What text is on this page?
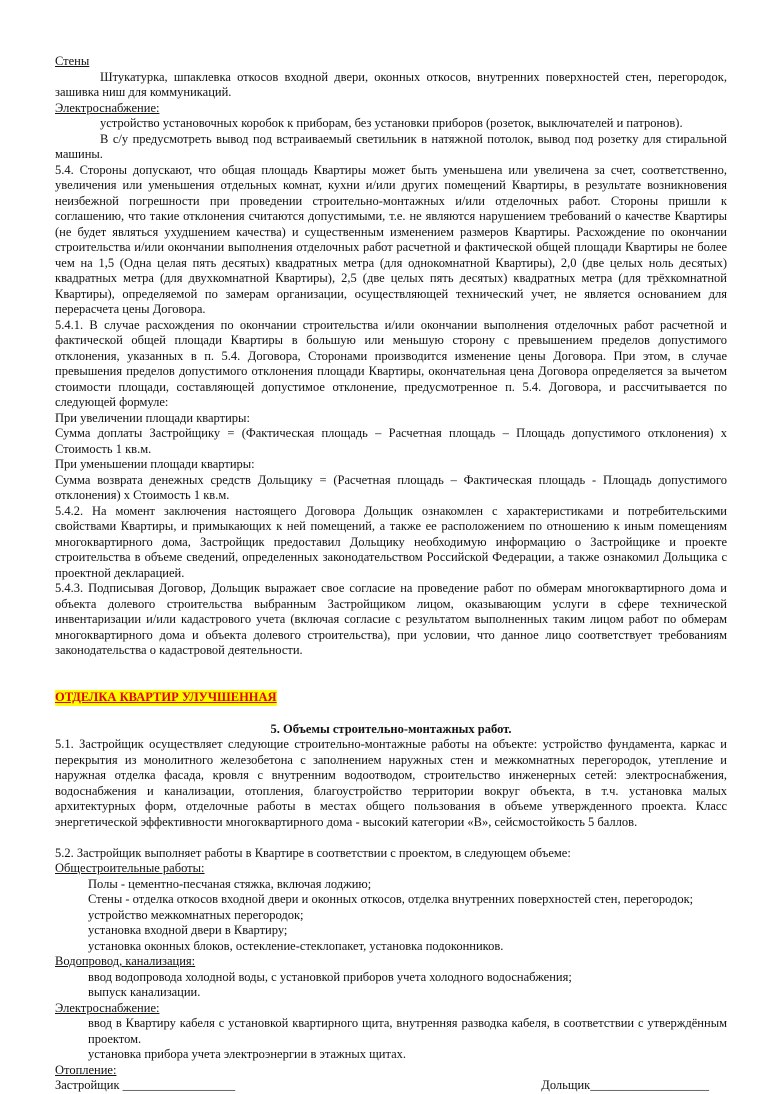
Стены

Штукатурка, шпаклевка откосов входной двери, оконных откосов, внутренних поверхностей стен, перегородок, зашивка ниш для коммуникаций.

Электроснабжение:

устройство установочных коробок к приборам, без установки приборов (розеток, выключателей и патронов).

В с/у предусмотреть вывод под встраиваемый светильник в натяжной потолок, вывод под розетку для стиральной машины.

5.4. Стороны допускают, что общая площадь Квартиры может быть уменьшена или увеличена за счет, соответственно, увеличения или уменьшения отдельных комнат, кухни и/или других помещений Квартиры, в результате возникновения неизбежной погрешности при проведении строительно-монтажных и/или отделочных работ. Стороны пришли к соглашению, что такие отклонения считаются допустимыми, т.е. не являются нарушением требований о качестве Квартиры (не будет являться ухудшением качества) и существенным изменением размеров Квартиры. Расхождение по окончании строительства и/или окончании выполнения отделочных работ расчетной и фактической общей площади Квартиры не более чем на 1,5 (Одна целая пять десятых) квадратных метра (для однокомнатной Квартиры), 2,0 (две целых ноль десятых) квадратных метра (для двухкомнатной Квартиры), 2,5 (две целых пять десятых) квадратных метра (для трёхкомнатной Квартиры), определяемой по замерам организации, осуществляющей технический учет, не является основанием для перерасчета цены Договора.

5.4.1. В случае расхождения по окончании строительства и/или окончании выполнения отделочных работ расчетной и фактической общей площади Квартиры в большую или меньшую сторону с превышением пределов допустимого отклонения, указанных в п. 5.4. Договора, Сторонами производится изменение цены Договора. При этом, в случае превышения пределов допустимого отклонения площади Квартиры, окончательная цена Договора определяется за вычетом стоимости площади, составляющей допустимое отклонение, предусмотренное п. 5.4. Договора, и рассчитывается по следующей формуле:

При увеличении площади квартиры:

Сумма доплаты Застройщику = (Фактическая площадь – Расчетная площадь – Площадь допустимого отклонения) х Стоимость 1 кв.м.

При уменьшении площади квартиры:

Сумма возврата денежных средств Дольщику = (Расчетная площадь – Фактическая площадь - Площадь допустимого отклонения) х Стоимость 1 кв.м.

5.4.2. На момент заключения настоящего Договора Дольщик ознакомлен с характеристиками и потребительскими свойствами Квартиры, и примыкающих к ней помещений, а также ее расположением по отношению к иным помещениям многоквартирного дома, Застройщик предоставил Дольщику необходимую информацию о Застройщике и проекте строительства в объеме сведений, определенных законодательством Российской Федерации, а также ознакомил Дольщика с проектной декларацией.

5.4.3. Подписывая Договор, Дольщик выражает свое согласие на проведение работ по обмерам многоквартирного дома и объекта долевого строительства выбранным Застройщиком лицом, оказывающим услуги в сфере технической инвентаризации и/или кадастрового учета (включая согласие с результатом выполненных таким лицом работ по обмерам многоквартирного дома и объекта долевого строительства), при условии, что данное лицо соответствует требованиям законодательства о кадастровой деятельности.

ОТДЕЛКА КВАРТИР УЛУЧШЕННАЯ

5. Объемы строительно-монтажных работ.

5.1. Застройщик осуществляет следующие строительно-монтажные работы на объекте: устройство фундамента, каркас и перекрытия из монолитного железобетона с заполнением наружных стен и межкомнатных перегородок, утепление и наружная отделка фасада, кровля с внутренним водоотводом, строительство инженерных сетей: электроснабжения, водоснабжения и канализации, отопления, благоустройство территории вокруг объекта, в т.ч. установка малых архитектурных форм, отделочные работы в местах общего пользования в объеме утвержденного проекта. Класс энергетической эффективности многоквартирного дома - высокий категории «В», сейсмостойкость 5 баллов.

5.2. Застройщик выполняет работы в Квартире в соответствии с проектом, в следующем объеме:

Общестроительные работы:

Полы - цементно-песчаная стяжка, включая лоджию;

Стены - отделка откосов входной двери и оконных откосов, отделка внутренних поверхностей стен, перегородок;

устройство межкомнатных перегородок;

установка входной двери в Квартиру;

установка оконных блоков, остекление-стеклопакет, установка подоконников.

Водопровод, канализация:

ввод водопровода холодной воды, с установкой приборов учета холодного водоснабжения;

выпуск канализации.

Электроснабжение:

ввод в Квартиру кабеля с установкой квартирного щита, внутренняя разводка кабеля, в соответствии с утверждённым проектом.

установка прибора учета электроэнергии в этажных щитах.

Отопление:

Застройщик __________________	Дольщик___________________
